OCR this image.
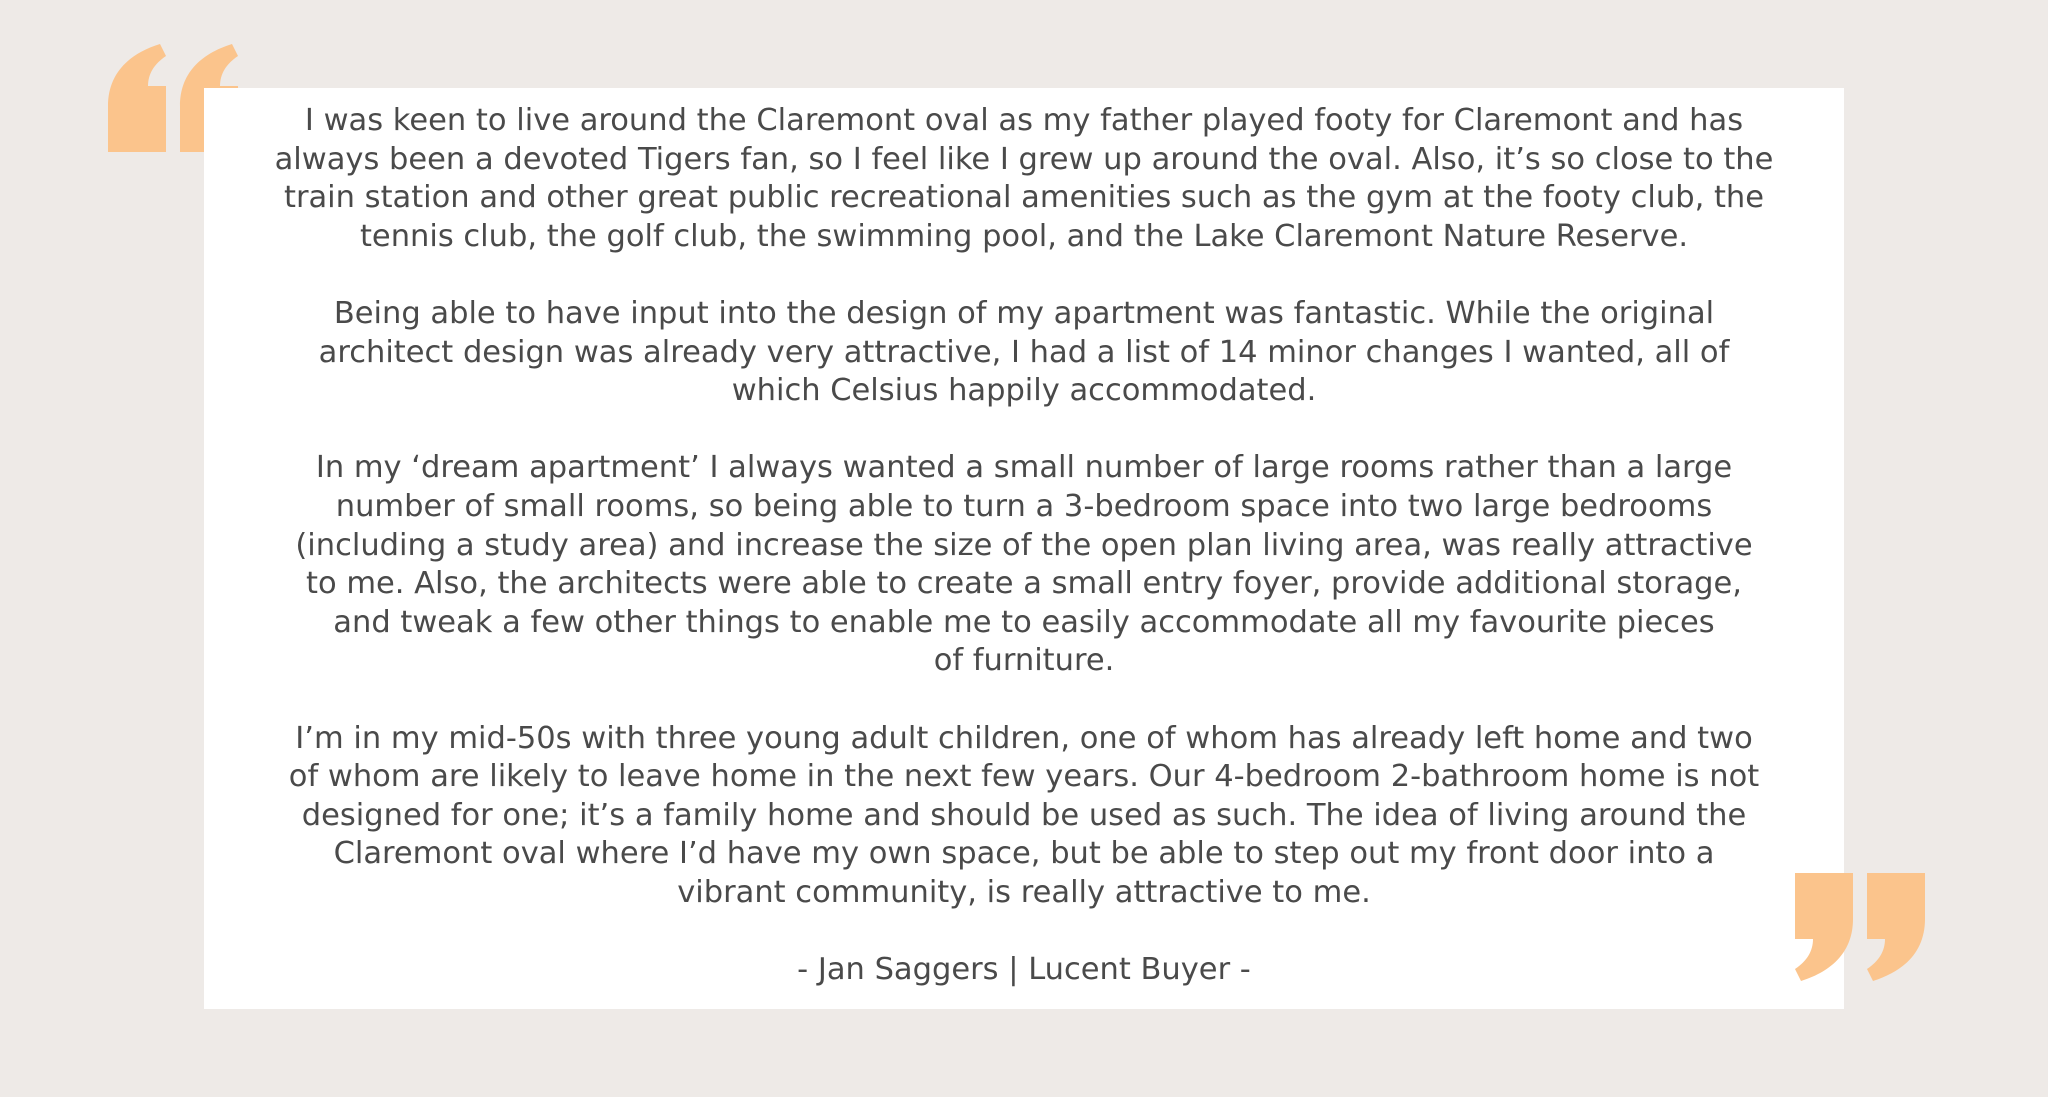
I was keen to live around the Claremont oval as my father played footy for Claremont and has
always been a devoted Tigers fan, so I feel like I grew up around the oval. Also, it’s so close to the
train station and other great public recreational amenities such as the gym at the footy club, the
tennis club, the golf club, the swimming pool, and the Lake Claremont Nature Reserve.

Being able to have input into the design of my apartment was fantastic. While the original
architect design was already very attractive, I had a list of 14 minor changes I wanted, all of
which Celsius happily accommodated.

In my ‘dream apartment’ I always wanted a small number of large rooms rather than a large
number of small rooms, so being able to turn a 3-bedroom space into two large bedrooms
(including a study area) and increase the size of the open plan living area, was really attractive
to me. Also, the architects were able to create a small entry foyer, provide additional storage,
and tweak a few other things to enable me to easily accommodate all my favourite pieces
of furniture.

I’m in my mid-50s with three young adult children, one of whom has already left home and two
of whom are likely to leave home in the next few years. Our 4-bedroom 2-bathroom home is not
designed for one; it’s a family home and should be used as such. The idea of living around the
Claremont oval where I’d have my own space, but be able to step out my front door into a
vibrant community, is really attractive to me.

- Jan Saggers | Lucent Buyer -
